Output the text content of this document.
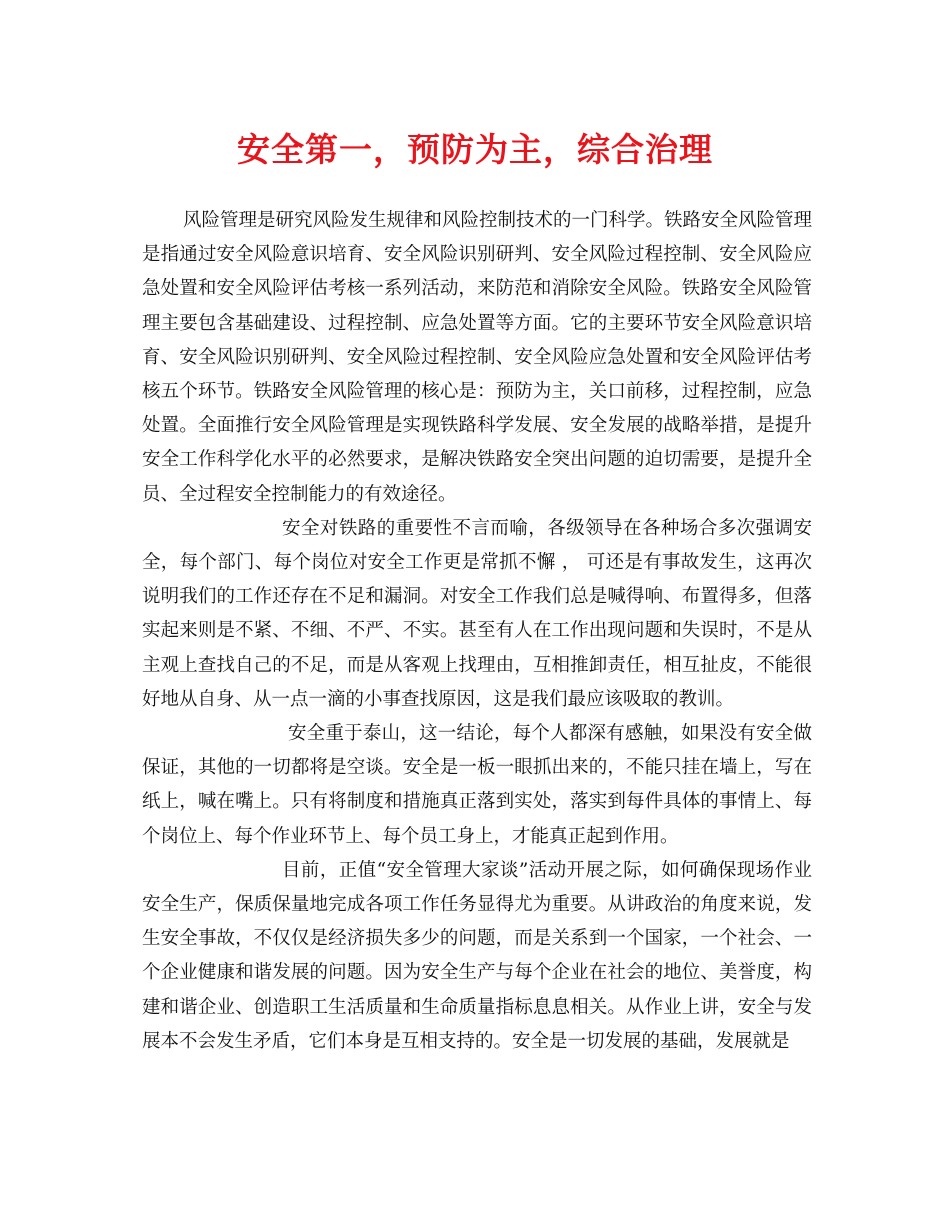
安全第一，预防为主，综合治理

风险管理是研究风险发生规律和风险控制技术的一门科学。铁路安全风险管理是指通过安全风险意识培育、安全风险识别研判、安全风险过程控制、安全风险应急处置和安全风险评估考核一系列活动，来防范和消除安全风险。铁路安全风险管理主要包含基础建设、过程控制、应急处置等方面。它的主要环节安全风险意识培育、安全风险识别研判、安全风险过程控制、安全风险应急处置和安全风险评估考核五个环节。铁路安全风险管理的核心是：预防为主，关口前移，过程控制，应急处置。全面推行安全风险管理是实现铁路科学发展、安全发展的战略举措，是提升安全工作科学化水平的必然要求，是解决铁路安全突出问题的迫切需要，是提升全员、全过程安全控制能力的有效途径。

安全对铁路的重要性不言而喻，各级领导在各种场合多次强调安全，每个部门、每个岗位对安全工作更是常抓不懈 ， 可还是有事故发生，这再次说明我们的工作还存在不足和漏洞。对安全工作我们总是喊得响、布置得多，但落实起来则是不紧、不细、不严、不实。甚至有人在工作出现问题和失误时，不是从主观上查找自己的不足，而是从客观上找理由，互相推卸责任，相互扯皮，不能很好地从自身、从一点一滴的小事查找原因，这是我们最应该吸取的教训。

安全重于泰山，这一结论，每个人都深有感触，如果没有安全做保证，其他的一切都将是空谈。安全是一板一眼抓出来的，不能只挂在墙上，写在纸上，喊在嘴上。只有将制度和措施真正落到实处，落实到每件具体的事情上、每个岗位上、每个作业环节上、每个员工身上，才能真正起到作用。

目前，正值“安全管理大家谈”活动开展之际，如何确保现场作业安全生产，保质保量地完成各项工作任务显得尤为重要。从讲政治的角度来说，发生安全事故，不仅仅是经济损失多少的问题，而是关系到一个国家，一个社会、一个企业健康和谐发展的问题。因为安全生产与每个企业在社会的地位、美誉度，构建和谐企业、创造职工生活质量和生命质量指标息息相关。从作业上讲，安全与发展本不会发生矛盾，它们本身是互相支持的。安全是一切发展的基础，发展就是
